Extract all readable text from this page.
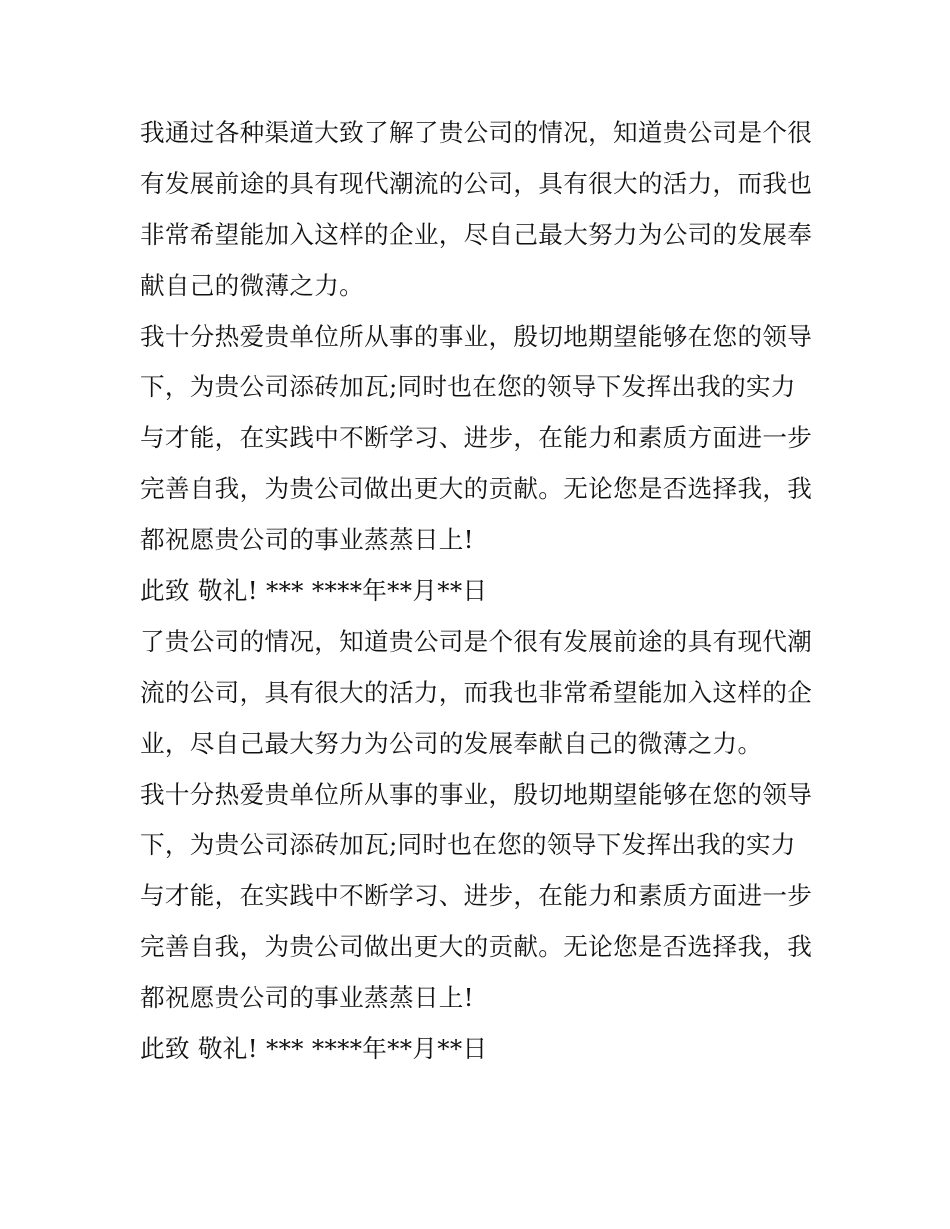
我通过各种渠道大致了解了贵公司的情况，知道贵公司是个很
有发展前途的具有现代潮流的公司，具有很大的活力，而我也
非常希望能加入这样的企业，尽自己最大努力为公司的发展奉
献自己的微薄之力。
我十分热爱贵单位所从事的事业，殷切地期望能够在您的领导
下，为贵公司添砖加瓦;同时也在您的领导下发挥出我的实力
与才能，在实践中不断学习、进步，在能力和素质方面进一步
完善自我，为贵公司做出更大的贡献。无论您是否选择我，我
都祝愿贵公司的事业蒸蒸日上!
此致 敬礼! *** ****年**月**日
了贵公司的情况，知道贵公司是个很有发展前途的具有现代潮
流的公司，具有很大的活力，而我也非常希望能加入这样的企
业，尽自己最大努力为公司的发展奉献自己的微薄之力。
我十分热爱贵单位所从事的事业，殷切地期望能够在您的领导
下，为贵公司添砖加瓦;同时也在您的领导下发挥出我的实力
与才能，在实践中不断学习、进步，在能力和素质方面进一步
完善自我，为贵公司做出更大的贡献。无论您是否选择我，我
都祝愿贵公司的事业蒸蒸日上!
此致 敬礼! *** ****年**月**日
